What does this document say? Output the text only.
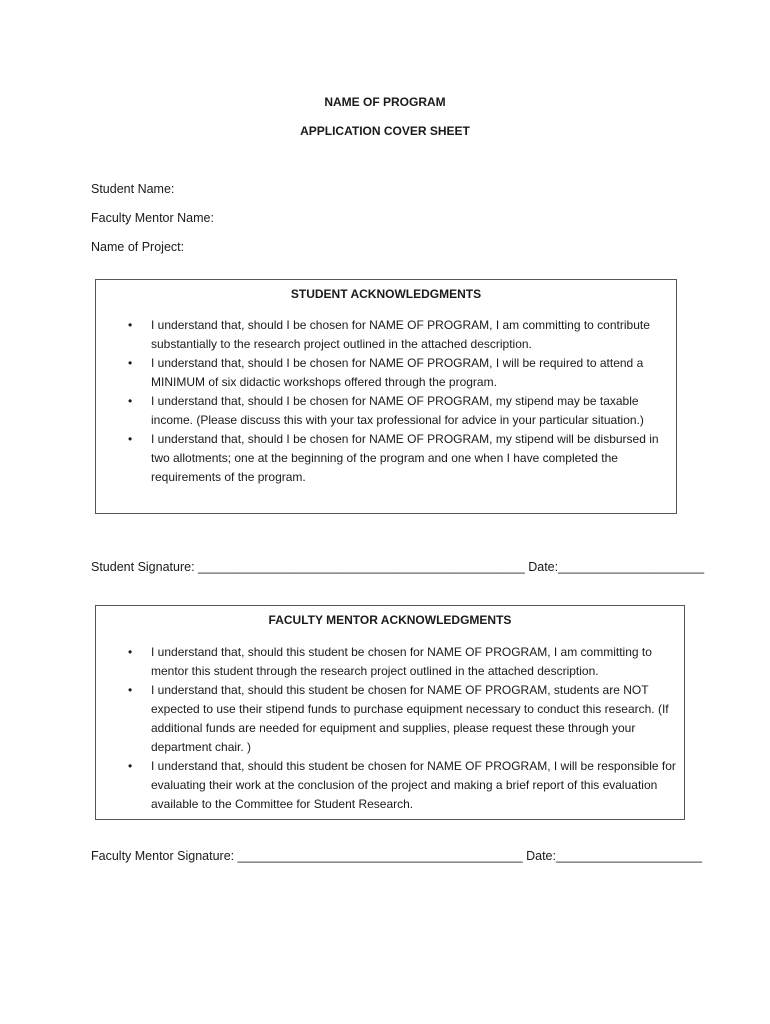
NAME OF PROGRAM
APPLICATION COVER SHEET
Student Name:
Faculty Mentor Name:
Name of Project:
STUDENT ACKNOWLEDGMENTS
• I understand that, should I be chosen for NAME OF PROGRAM, I am committing to contribute substantially to the research project outlined in the attached description.
• I understand that, should I be chosen for NAME OF PROGRAM, I will be required to attend a MINIMUM of six didactic workshops offered through the program.
• I understand that, should I be chosen for NAME OF PROGRAM, my stipend may be taxable income. (Please discuss this with your tax professional for advice in your particular situation.)
• I understand that, should I be chosen for NAME OF PROGRAM, my stipend will be disbursed in two allotments; one at the beginning of the program and one when I have completed the requirements of the program.
Student Signature: _______________________________________________ Date:_____________________
FACULTY MENTOR ACKNOWLEDGMENTS
• I understand that, should this student be chosen for NAME OF PROGRAM, I am committing to mentor this student through the research project outlined in the attached description.
• I understand that, should this student be chosen for NAME OF PROGRAM, students are NOT expected to use their stipend funds to purchase equipment necessary to conduct this research. (If additional funds are needed for equipment and supplies, please request these through your department chair. )
• I understand that, should this student be chosen for NAME OF PROGRAM, I will be responsible for evaluating their work at the conclusion of the project and making a brief report of this evaluation available to the Committee for Student Research.
Faculty Mentor Signature: _________________________________________ Date:_____________________
